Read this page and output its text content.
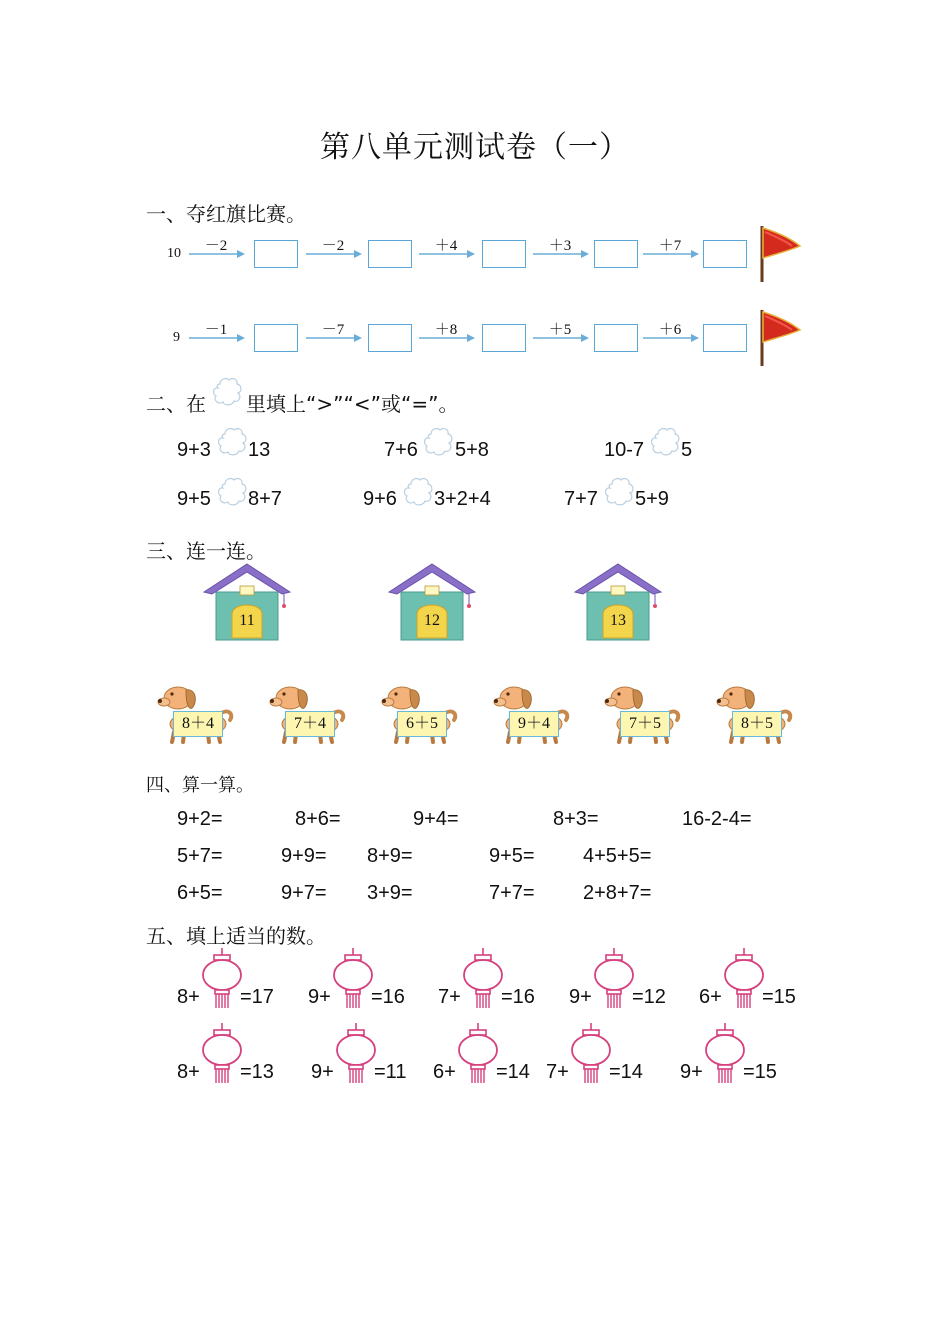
第八单元测试卷（一）
一、夺红旗比赛。
10	－2	－2	＋4	＋3	＋7
9	－1	－7	＋8	＋5	＋6
二、在 里填上“>”“<”或“=”。
9+3 13	7+6 5+8	10-7 5
9+5 8+7	9+6 3+2+4	7+7 5+9
三、连一连。
11	12	13
8＋4	7＋4	6＋5	9＋4	7＋5	8＋5
四、算一算。
9+2=	8+6=	9+4=	8+3=	16-2-4=
5+7=	9+9= 8+9=	9+5= 4+5+5=
6+5=	9+7= 3+9=	7+7= 2+8+7=
五、填上适当的数。
8+ =17 9+ =16 7+ =16 9+ =12 6+ =15
8+ =13 9+ =11 6+ =14 7+ =14 9+ =15
